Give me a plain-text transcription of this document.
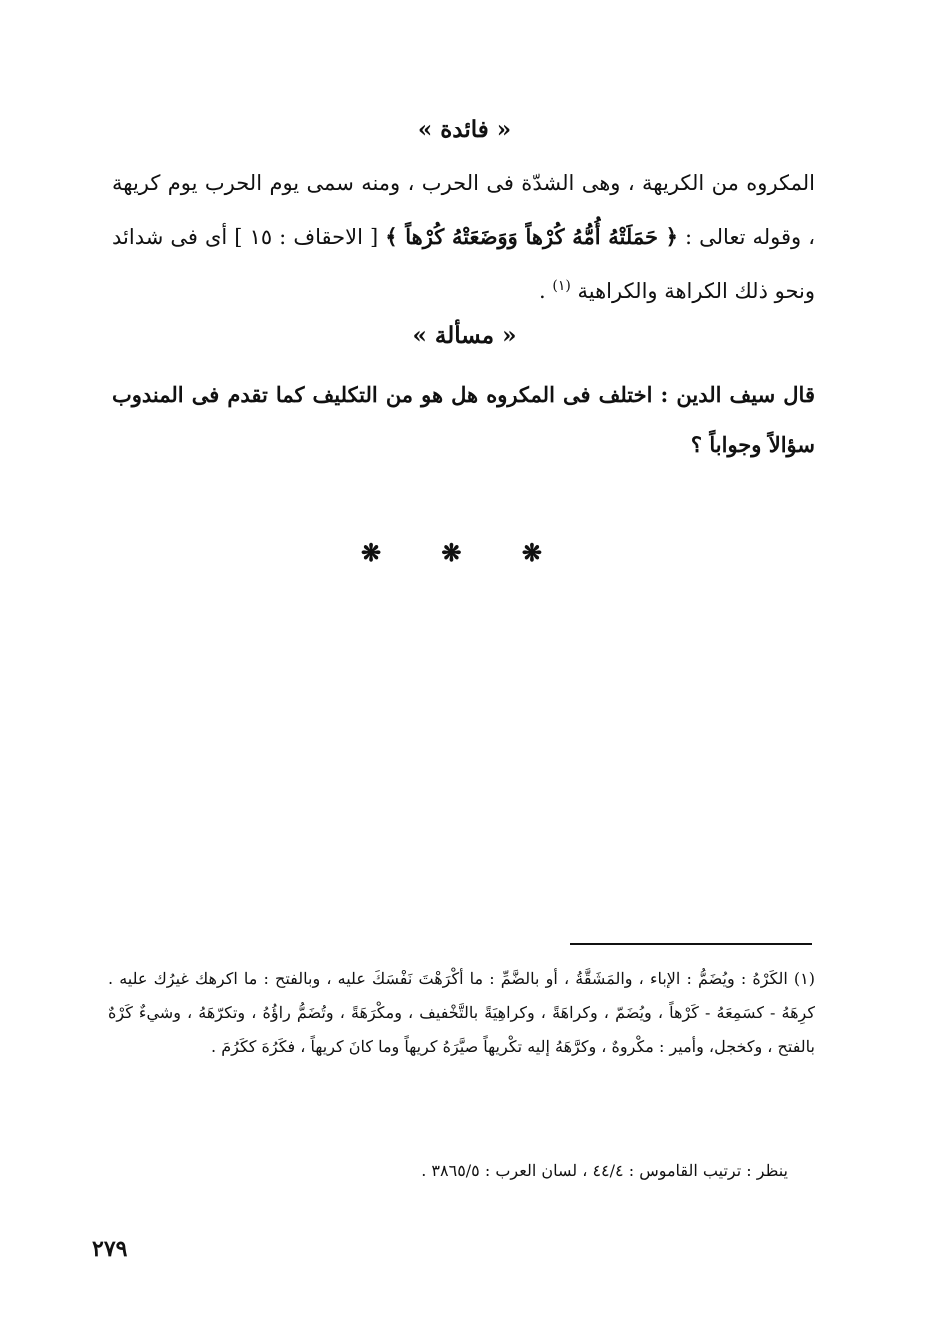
« فائدة »
المكروه من الكريهة ، وهى الشدّة فى الحرب ، ومنه سمى يوم الحرب يوم كريهة ، وقوله تعالى : ﴿ حَمَلَتْهُ أُمُّهُ كُرْهاً وَوَضَعَتْهُ كُرْهاً ﴾ [ الاحقاف : ١٥ ] أى فى شدائد ونحو ذلك الكراهة والكراهية $^{(١)}$ .
« مسألة »
قال سيف الدين : اختلف فى المكروه هل هو من التكليف كما تقدم فى المندوب سؤالاً وجواباً ؟
❋ ❋ ❋
(١) الكَرْهُ : ويُضَمُّ : الإباء ، والمَشَقَّةُ ، أو بالضَّمِّ : ما أكْرَهْتَ نَفْسَكَ عليه ، وبالفتح : ما اكرهك غيرُك عليه . كرِهَهُ - كسَمِعَهُ - كَرْهاً ، ويُضَمّ ، وكراهَةً ، وكراهِيَةً بالتَّخْفيف ، ومكْرَهَةً ، وتُضَمُّ راؤُهُ ، وتكرّهَهُ ، وشيءٌ كَرْهٌ بالفتح ، وكخجل، وأمير : مكْروهٌ ، وكرَّهَهُ إليه تكْريهاً صيَّرَهُ كريهاً وما كانَ كريهاً ، فكَرُهَ ككَرُمَ .
ينظر : ترتيب القاموس : ٤٤/٤ ، لسان العرب : ٣٨٦٥/٥ .
٢٧٩
